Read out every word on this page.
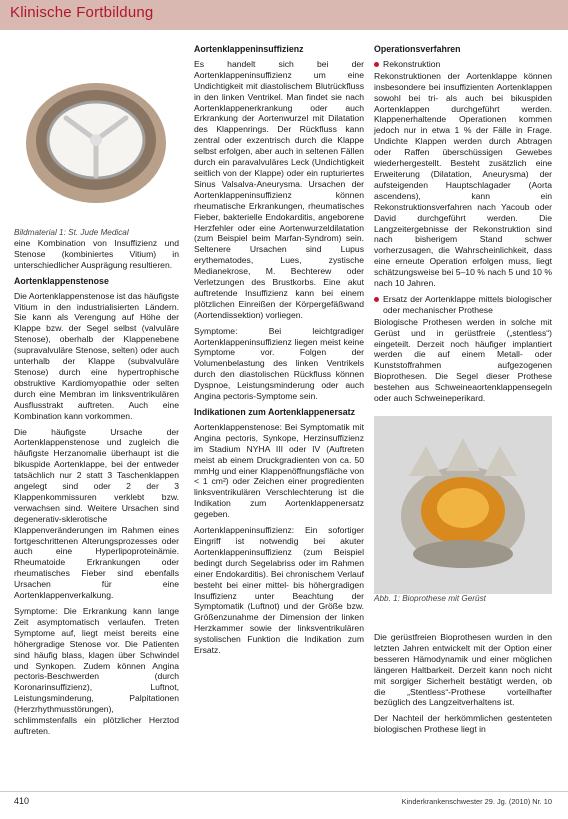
Klinische Fortbildung
Bildmaterial 1: St. Jude Medical

eine Kombination von Insuffizienz und Stenose (kombiniertes Vitium) in unterschiedlicher Ausprägung resultieren.

Aortenklappenstenose

Die Aortenklappenstenose ist das häufigste Vitium in den industrialisierten Ländern. Sie kann als Verengung auf Höhe der Klappe bzw. der Segel selbst (valvuläre Stenose), oberhalb der Klappenebene (supravalvuläre Stenose, selten) oder auch unterhalb der Klappe (subvalvuläre Stenose) durch eine hypertrophische obstruktive Kardiomyopathie oder selten durch eine Membran im linksventrikulären Ausflusstrakt auftreten. Auch eine Kombination kann vorkommen.

Die häufigste Ursache der Aortenklappenstenose und zugleich die häufigste Herzanomalie überhaupt ist die bikuspide Aortenklappe, bei der entweder tatsächlich nur 2 statt 3 Taschenklappen angelegt sind oder 2 der 3 Klappenkommissuren verklebt bzw. verwachsen sind. Weitere Ursachen sind degenerativ-sklerotische Klappenveränderungen im Rahmen eines fortgeschrittenen Alterungsprozesses oder auch eine Hyperlipoproteinämie. Rheumatoide Erkrankungen oder rheumatisches Fieber sind ebenfalls Ursachen für eine Aortenklappenverkalkung.

Symptome: Die Erkrankung kann lange Zeit asymptomatisch verlaufen. Treten Symptome auf, liegt meist bereits eine höhergradige Stenose vor. Die Patienten sind häufig blass, klagen über Schwindel und Synkopen. Zudem können Angina pectoris-Beschwerden (durch Koronarinsuffizienz), Luftnot, Leistungsminderung, Palpitationen (Herzrhythmusstörungen), schlimmstenfalls ein plötzlicher Herztod auftreten.

Aortenklappeninsuffizienz

Es handelt sich bei der Aortenklappeninsuffizienz um eine Undichtigkeit mit diastolischem Blutrückfluss in den linken Ventrikel. Man findet sie nach Aortenklappenerkrankung oder auch Erkrankung der Aortenwurzel mit Dilatation des Klappenrings. Der Rückfluss kann zentral oder exzentrisch durch die Klappe selbst erfolgen, aber auch in seltenen Fällen durch ein paravalvuläres Leck (Undichtigkeit seitlich von der Klappe) oder ein rupturiertes Sinus Valsalva-Aneurysma. Ursachen der Aortenklappeninsuffizienz können rheumatische Erkrankungen, rheumatisches Fieber, bakterielle Endokarditis, angeborene Herzfehler oder eine Aortenwurzeldilatation (zum Beispiel beim Marfan-Syndrom) sein. Seltenere Ursachen sind Lupus erythematodes, Lues, zystische Medianekrose, M. Bechterew oder Verletzungen des Brustkorbs. Eine akut auftretende Insuffizienz kann bei einem plötzlichen Einreißen der Körpergefäßwand (Aortendissektion) vorliegen.

Symptome: Bei leichtgradiger Aortenklappeninsuffizienz liegen meist keine Symptome vor. Folgen der Volumenbelastung des linken Ventrikels durch den diastolischen Rückfluss können Dyspnoe, Leistungsminderung oder auch Angina pectoris-Symptome sein.

Indikationen zum Aortenklappenersatz

Aortenklappenstenose: Bei Symptomatik mit Angina pectoris, Synkope, Herzinsuffizienz im Stadium NYHA III oder IV (Auftreten meist ab einem Druckgradienten von ca. 50 mmHg und einer Klappenöffnungsfläche von < 1 cm²) oder Zeichen einer progredienten linksventrikulären Verschlechterung ist die Indikation zum Aortenklappenersatz gegeben.

Aortenklappeninsuffizienz: Ein sofortiger Eingriff ist notwendig bei akuter Aortenklappeninsuffizienz (zum Beispiel bedingt durch Segelabriss oder im Rahmen einer Endokarditis). Bei chronischem Verlauf besteht bei einer mittel- bis höhergradigen Insuffizienz unter Beachtung der Symptomatik (Luftnot) und der Größe bzw. Größenzunahme der Dimension der linken Herzkammer sowie der linksventrikulären systolischen Funktion die Indikation zum Ersatz.

Operationsverfahren
Rekonstruktion

Rekonstruktionen der Aortenklappe können insbesondere bei insuffizienten Aortenklappen sowohl bei tri- als auch bei bikuspiden Aortenklappen durchgeführt werden. Klappenerhaltende Operationen kommen jedoch nur in etwa 1 % der Fälle in Frage. Undichte Klappen werden durch Abtragen oder Raffen überschüssigen Gewebes wiederhergestellt. Besteht zusätzlich eine Erweiterung (Dilatation, Aneurysma) der aufsteigenden Hauptschlagader (Aorta ascendens), kann ein Rekonstruktionsverfahren nach Yacoub oder David durchgeführt werden. Die Langzeitergebnisse der Rekonstruktion sind nach bisherigem Stand schwer vorherzusagen, die Wahrscheinlichkeit, dass eine erneute Operation erfolgen muss, liegt schätzungsweise bei 5–10 % nach 5 und 10 % nach 10 Jahren.

Ersatz der Aortenklappe mittels biologischer oder mechanischer Prothese

Biologische Prothesen werden in solche mit Gerüst und in gerüstfreie („stentless“) eingeteilt. Derzeit noch häufiger implantiert werden die auf einem Metall- oder Kunststoffrahmen aufgezogenen Bioprothesen. Die Segel dieser Prothese bestehen aus Schweineaortenklappensegeln oder auch Schweineperikard.

Abb. 1: Bioprothese mit Gerüst

Die gerüstfreien Bioprothesen wurden in den letzten Jahren entwickelt mit der Option einer besseren Hämodynamik und einer möglichen längeren Haltbarkeit. Derzeit kann noch nicht mit sorgiger Sicherheit bestätigt werden, ob die „Stentless“-Prothese vorteilhafter bezüglich des Langzeitverhaltens ist.

Der Nachteil der herkömmlichen gestenteten biologischen Prothese liegt in

410	Kinderkrankenschwester 29. Jg. (2010) Nr. 10
